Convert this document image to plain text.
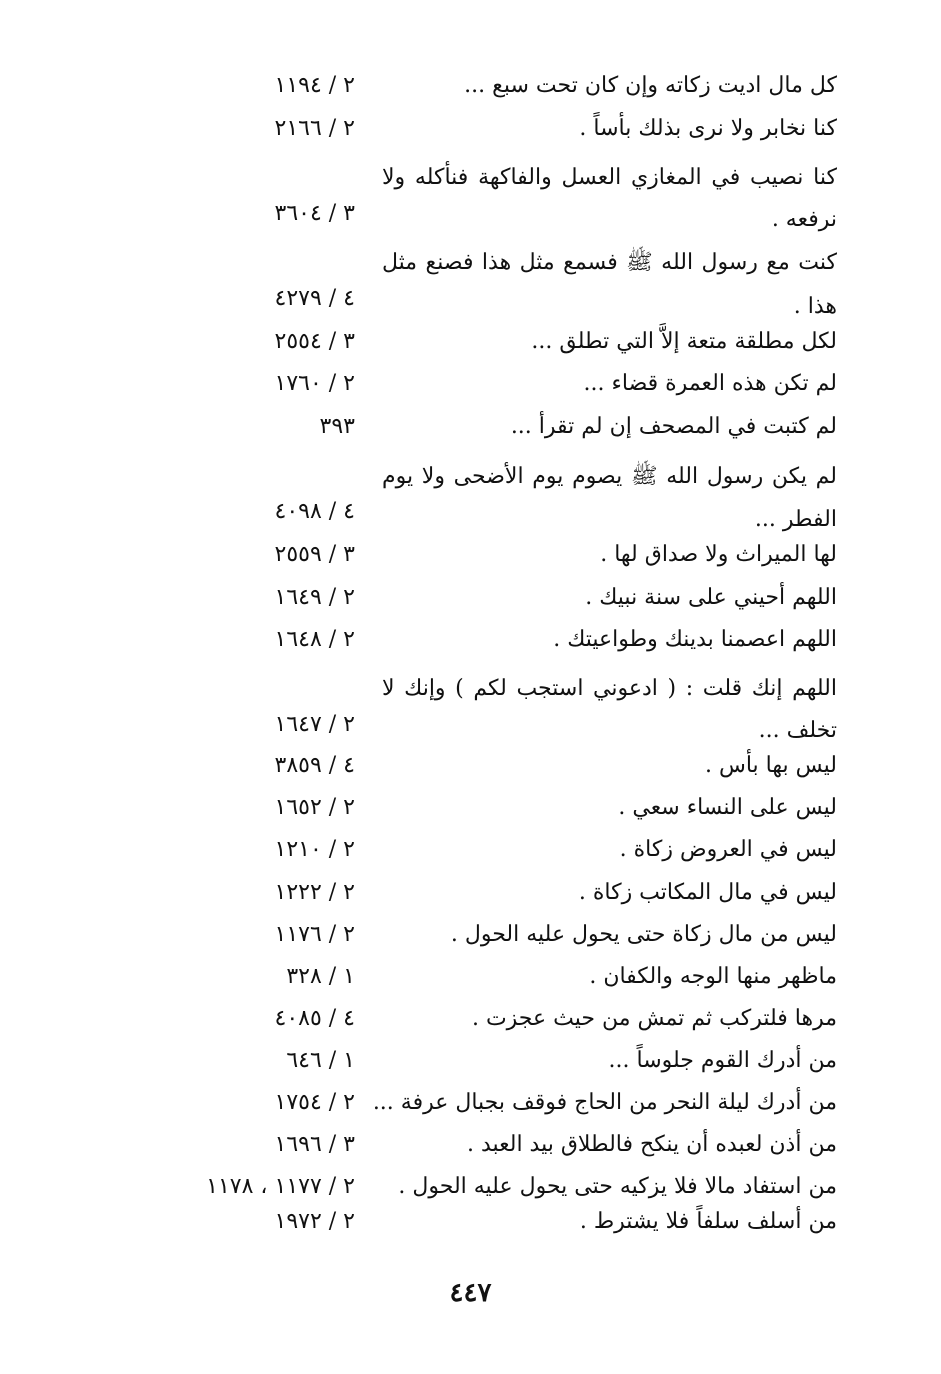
كل مال اديت زكاته وإن كان تحت سبع ...
٢ / ١١٩٤
كنا نخابر ولا نرى بذلك بأساً .
٢ / ٢١٦٦
كنا نصيب في المغازي العسل والفاكهة فنأكله ولا نرفعه .
٣ / ٣٦٠٤
كنت مع رسول الله ﷺ فسمع مثل هذا فصنع مثل هذا .
٤ / ٤٢٧٩
لكل مطلقة متعة إلاَّ التي تطلق ...
٣ / ٢٥٥٤
لم تكن هذه العمرة قضاء ...
٢ / ١٧٦٠
لم كتبت في المصحف إن لم تقرأ ...
٣٩٣
لم يكن رسول الله ﷺ يصوم يوم الأضحى ولا يوم الفطر ...
٤ / ٤٠٩٨
لها الميراث ولا صداق لها .
٣ / ٢٥٥٩
اللهم أحيني على سنة نبيك .
٢ / ١٦٤٩
اللهم اعصمنا بدينك وطواعيتك .
٢ / ١٦٤٨
اللهم إنك قلت : ( ادعوني استجب لكم ) وإنك لا تخلف ...
٢ / ١٦٤٧
ليس بها بأس .
٤ / ٣٨٥٩
ليس على النساء سعي .
٢ / ١٦٥٢
ليس في العروض زكاة .
٢ / ١٢١٠
ليس في مال المكاتب زكاة .
٢ / ١٢٢٢
ليس من مال زكاة حتى يحول عليه الحول .
٢ / ١١٧٦
ماظهر منها الوجه والكفان .
١ / ٣٢٨
مرها فلتركب ثم تمش من حيث عجزت .
٤ / ٤٠٨٥
من أدرك القوم جلوساً ...
١ / ٦٤٦
من أدرك ليلة النحر من الحاج فوقف بجبال عرفة ...
٢ / ١٧٥٤
من أذن لعبده أن ينكح فالطلاق بيد العبد .
٣ / ١٦٩٦
من استفاد مالا فلا يزكيه حتى يحول عليه الحول .
٢ / ١١٧٧ ، ١١٧٨
من أسلف سلفاً فلا يشترط .
٢ / ١٩٧٢
٤٤٧
